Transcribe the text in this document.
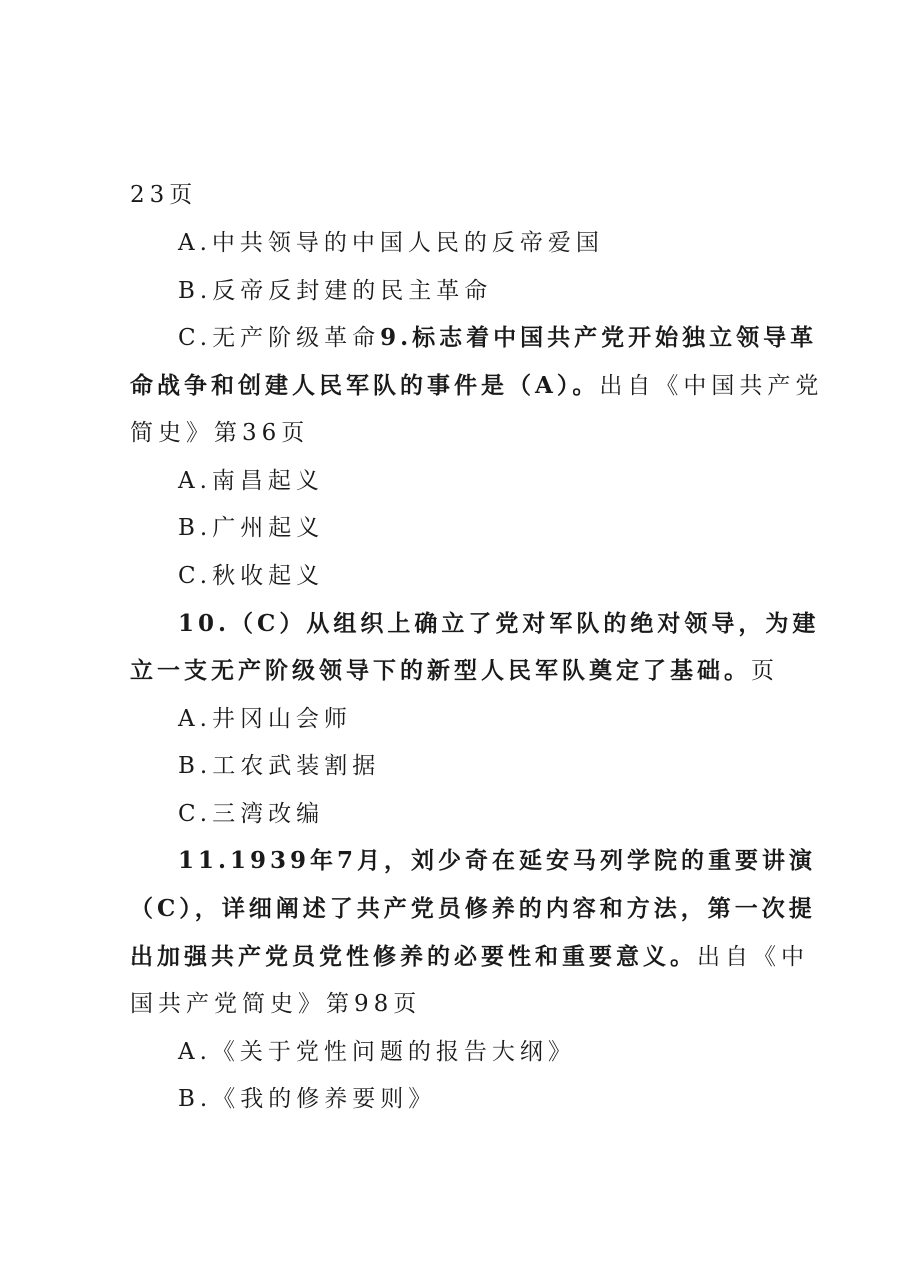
23页
A.中共领导的中国人民的反帝爱国
B.反帝反封建的民主革命
C.无产阶级革命9.标志着中国共产党开始独立领导革
命战争和创建人民军队的事件是（A）。出自《中国共产党
简史》第36页
A.南昌起义
B.广州起义
C.秋收起义
10.（C）从组织上确立了党对军队的绝对领导，为建
立一支无产阶级领导下的新型人民军队奠定了基础。页
A.井冈山会师
B.工农武装割据
C.三湾改编
11.1939年7月，刘少奇在延安马列学院的重要讲演
（C），详细阐述了共产党员修养的内容和方法，第一次提
出加强共产党员党性修养的必要性和重要意义。出自《中
国共产党简史》第98页
A.《关于党性问题的报告大纲》
B.《我的修养要则》
